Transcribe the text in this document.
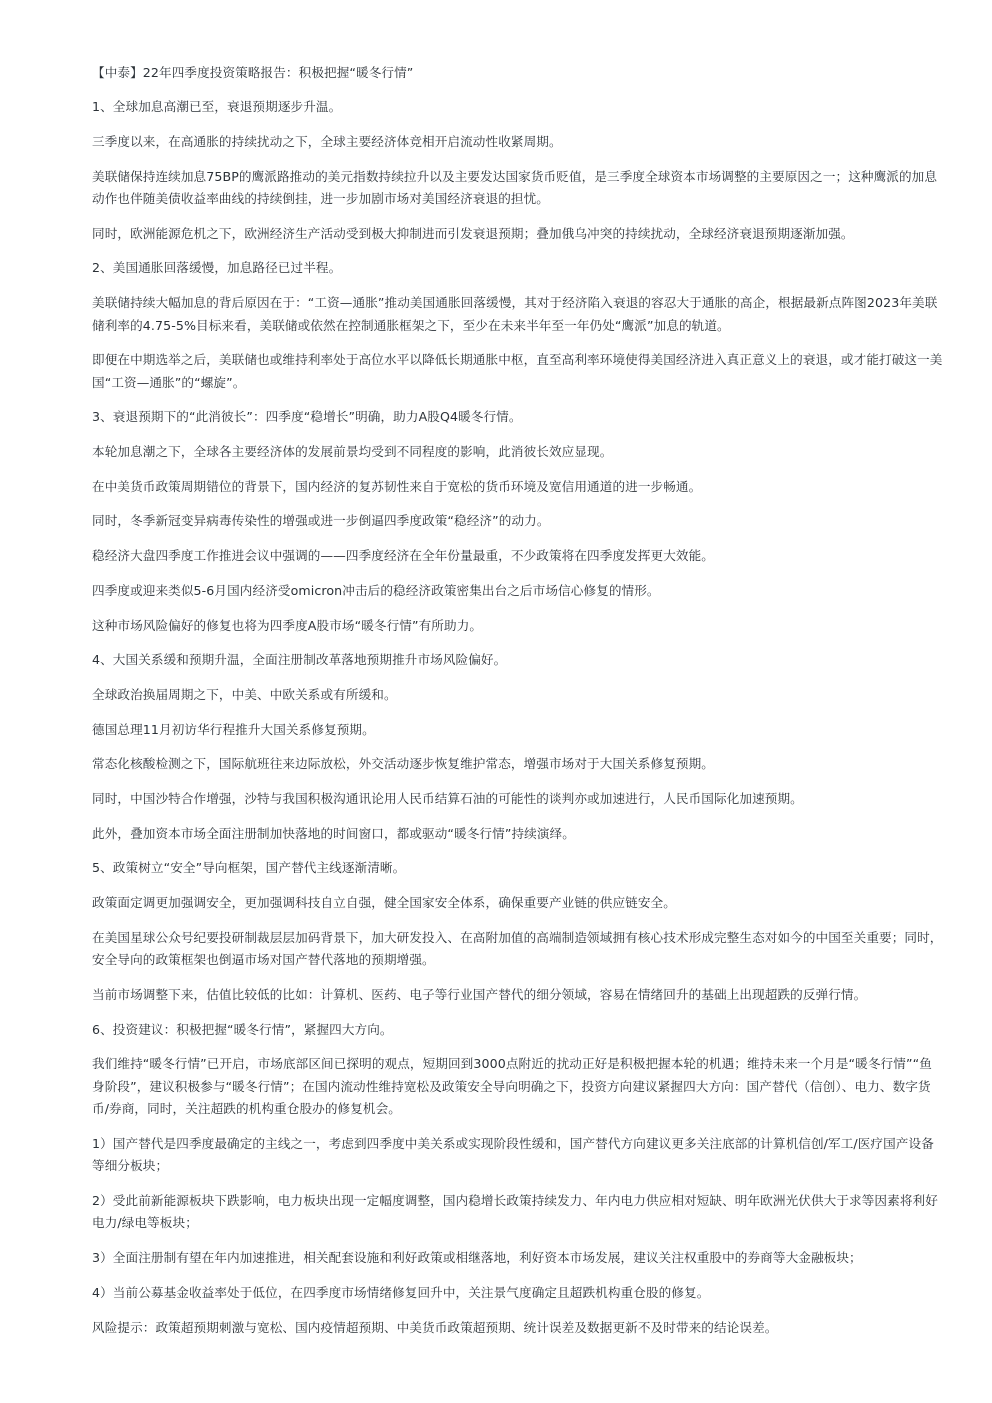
【中泰】22年四季度投资策略报告：积极把握“暖冬行情”

1、全球加息高潮已至，衰退预期逐步升温。

三季度以来，在高通胀的持续扰动之下，全球主要经济体竞相开启流动性收紧周期。

美联储保持连续加息75BP的鹰派路推动的美元指数持续拉升以及主要发达国家货币贬值，是三季度全球资本市场调整的主要原因之一；这种鹰派的加息动作也伴随美债收益率曲线的持续倒挂，进一步加剧市场对美国经济衰退的担忧。

同时，欧洲能源危机之下，欧洲经济生产活动受到极大抑制进而引发衰退预期；叠加俄乌冲突的持续扰动，全球经济衰退预期逐渐加强。

2、美国通胀回落缓慢，加息路径已过半程。

美联储持续大幅加息的背后原因在于：“工资—通胀”推动美国通胀回落缓慢，其对于经济陷入衰退的容忍大于通胀的高企，根据最新点阵图2023年美联储利率的4.75-5%目标来看，美联储或依然在控制通胀框架之下，至少在未来半年至一年仍处“鹰派”加息的轨道。

即便在中期选举之后，美联储也或维持利率处于高位水平以降低长期通胀中枢，直至高利率环境使得美国经济进入真正意义上的衰退，或才能打破这一美国“工资—通胀”的“螺旋”。

3、衰退预期下的“此消彼长”：四季度“稳增长”明确，助力A股Q4暖冬行情。

本轮加息潮之下，全球各主要经济体的发展前景均受到不同程度的影响，此消彼长效应显现。

在中美货币政策周期错位的背景下，国内经济的复苏韧性来自于宽松的货币环境及宽信用通道的进一步畅通。

同时，冬季新冠变异病毒传染性的增强或进一步倒逼四季度政策“稳经济”的动力。

稳经济大盘四季度工作推进会议中强调的——四季度经济在全年份量最重，不少政策将在四季度发挥更大效能。

四季度或迎来类似5-6月国内经济受omicron冲击后的稳经济政策密集出台之后市场信心修复的情形。

这种市场风险偏好的修复也将为四季度A股市场“暖冬行情”有所助力。

4、大国关系缓和预期升温，全面注册制改革落地预期推升市场风险偏好。

全球政治换届周期之下，中美、中欧关系或有所缓和。

德国总理11月初访华行程推升大国关系修复预期。

常态化核酸检测之下，国际航班往来边际放松，外交活动逐步恢复维护常态，增强市场对于大国关系修复预期。

同时，中国沙特合作增强，沙特与我国积极沟通讯论用人民币结算石油的可能性的谈判亦或加速进行，人民币国际化加速预期。

此外，叠加资本市场全面注册制加快落地的时间窗口，都或驱动“暖冬行情”持续演绎。

5、政策树立“安全”导向框架，国产替代主线逐渐清晰。

政策面定调更加强调安全，更加强调科技自立自强，健全国家安全体系，确保重要产业链的供应链安全。

在美国星球公众号纪要投研制裁层层加码背景下，加大研发投入、在高附加值的高端制造领域拥有核心技术形成完整生态对如今的中国至关重要；同时，安全导向的政策框架也倒逼市场对国产替代落地的预期增强。

当前市场调整下来，估值比较低的比如：计算机、医药、电子等行业国产替代的细分领域，容易在情绪回升的基础上出现超跌的反弹行情。

6、投资建议：积极把握“暖冬行情”，紧握四大方向。

我们维持“暖冬行情”已开启，市场底部区间已探明的观点，短期回到3000点附近的扰动正好是积极把握本轮的机遇；维持未来一个月是“暖冬行情”“鱼身阶段”，建议积极参与“暖冬行情”；在国内流动性维持宽松及政策安全导向明确之下，投资方向建议紧握四大方向：国产替代（信创）、电力、数字货币/券商，同时，关注超跌的机构重仓股办的修复机会。

1）国产替代是四季度最确定的主线之一，考虑到四季度中美关系或实现阶段性缓和，国产替代方向建议更多关注底部的计算机信创/军工/医疗国产设备等细分板块；

2）受此前新能源板块下跌影响，电力板块出现一定幅度调整，国内稳增长政策持续发力、年内电力供应相对短缺、明年欧洲光伏供大于求等因素将利好电力/绿电等板块；

3）全面注册制有望在年内加速推进，相关配套设施和利好政策或相继落地，利好资本市场发展，建议关注权重股中的券商等大金融板块；

4）当前公募基金收益率处于低位，在四季度市场情绪修复回升中，关注景气度确定且超跌机构重仓股的修复。

风险提示：政策超预期刺激与宽松、国内疫情超预期、中美货币政策超预期、统计误差及数据更新不及时带来的结论误差。
